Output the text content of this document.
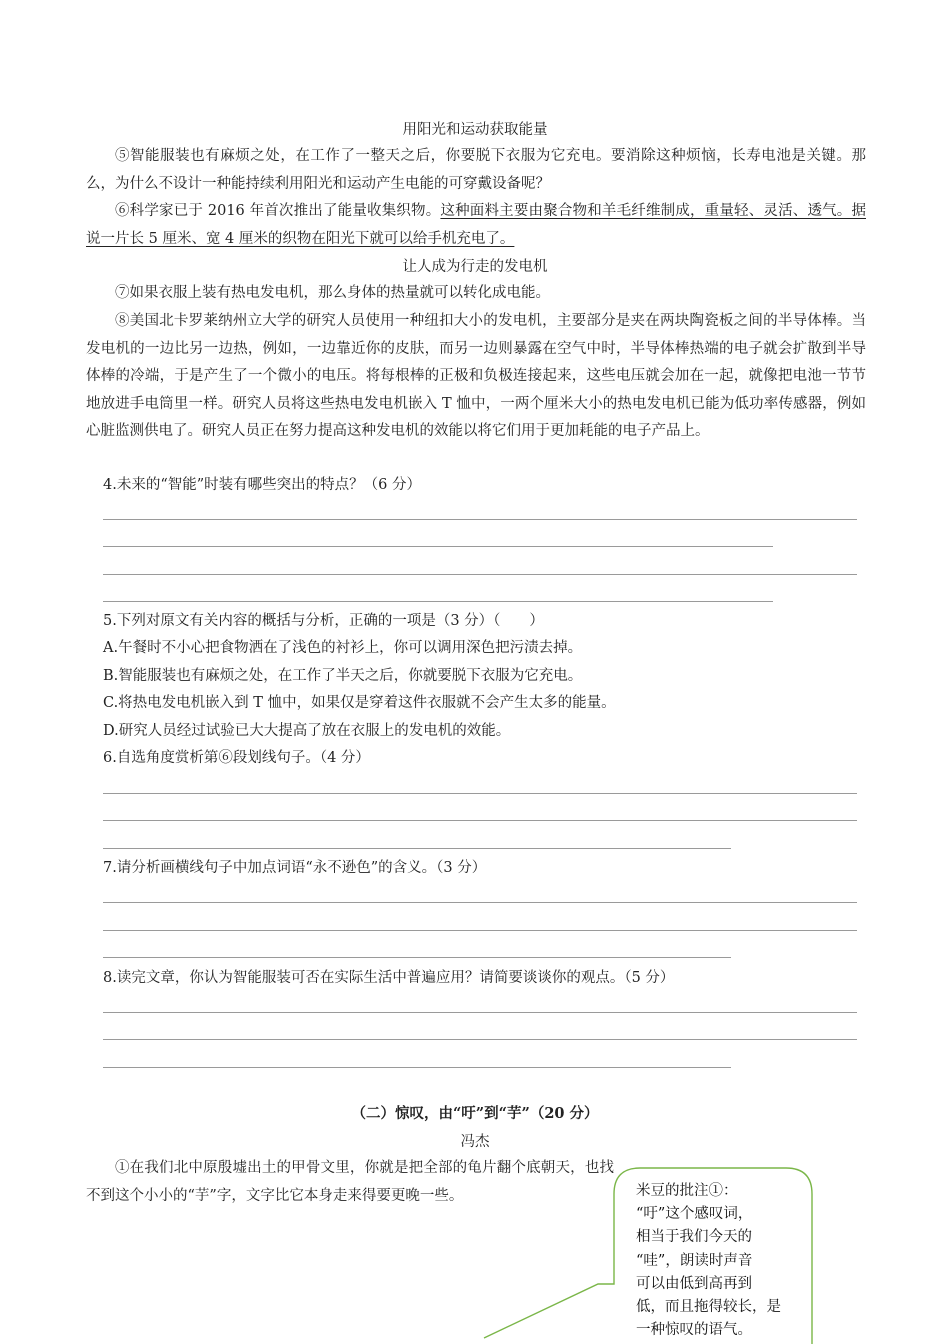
用阳光和运动获取能量
⑤智能服装也有麻烦之处，在工作了一整天之后，你要脱下衣服为它充电。要消除这种烦恼，长寿电池是关键。那么，为什么不设计一种能持续利用阳光和运动产生电能的可穿戴设备呢？
⑥科学家已于 2016 年首次推出了能量收集织物。这种面料主要由聚合物和羊毛纤维制成，重量轻、灵活、透气。据说一片长 5 厘米、宽 4 厘米的织物在阳光下就可以给手机充电了。
让人成为行走的发电机
⑦如果衣服上装有热电发电机，那么身体的热量就可以转化成电能。
⑧美国北卡罗莱纳州立大学的研究人员使用一种纽扣大小的发电机，主要部分是夹在两块陶瓷板之间的半导体棒。当发电机的一边比另一边热，例如，一边靠近你的皮肤，而另一边则暴露在空气中时，半导体棒热端的电子就会扩散到半导体棒的冷端，于是产生了一个微小的电压。将每根棒的正极和负极连接起来，这些电压就会加在一起，就像把电池一节节地放进手电筒里一样。研究人员将这些热电发电机嵌入 T 恤中，一两个厘米大小的热电发电机已能为低功率传感器，例如心脏监测供电了。研究人员正在努力提高这种发电机的效能以将它们用于更加耗能的电子产品上。
4.未来的“智能”时装有哪些突出的特点？（6 分）
5.下列对原文有关内容的概括与分析，正确的一项是（3 分）（　　）
A.午餐时不小心把食物洒在了浅色的衬衫上，你可以调用深色把污渍去掉。
B.智能服装也有麻烦之处，在工作了半天之后，你就要脱下衣服为它充电。
C.将热电发电机嵌入到 T 恤中，如果仅是穿着这件衣服就不会产生太多的能量。
D.研究人员经过试验已大大提高了放在衣服上的发电机的效能。
6.自选角度赏析第⑥段划线句子。（4 分）
7.请分析画横线句子中加点词语“永不逊色”的含义。（3 分）
8.读完文章，你认为智能服装可否在实际生活中普遍应用？请简要谈谈你的观点。（5 分）
（二）惊叹，由“吁”到“芋”（20 分）
冯杰
①在我们北中原殷墟出土的甲骨文里，你就是把全部的龟片翻个底朝天，也找不到这个小小的“芋”字，文字比它本身走来得要更晚一些。	米豆的批注①：
“吁”这个感叹词，
相当于我们今天的
“哇”，朗读时声音
可以由低到高再到
低，而且拖得较长，是
一种惊叹的语气。
